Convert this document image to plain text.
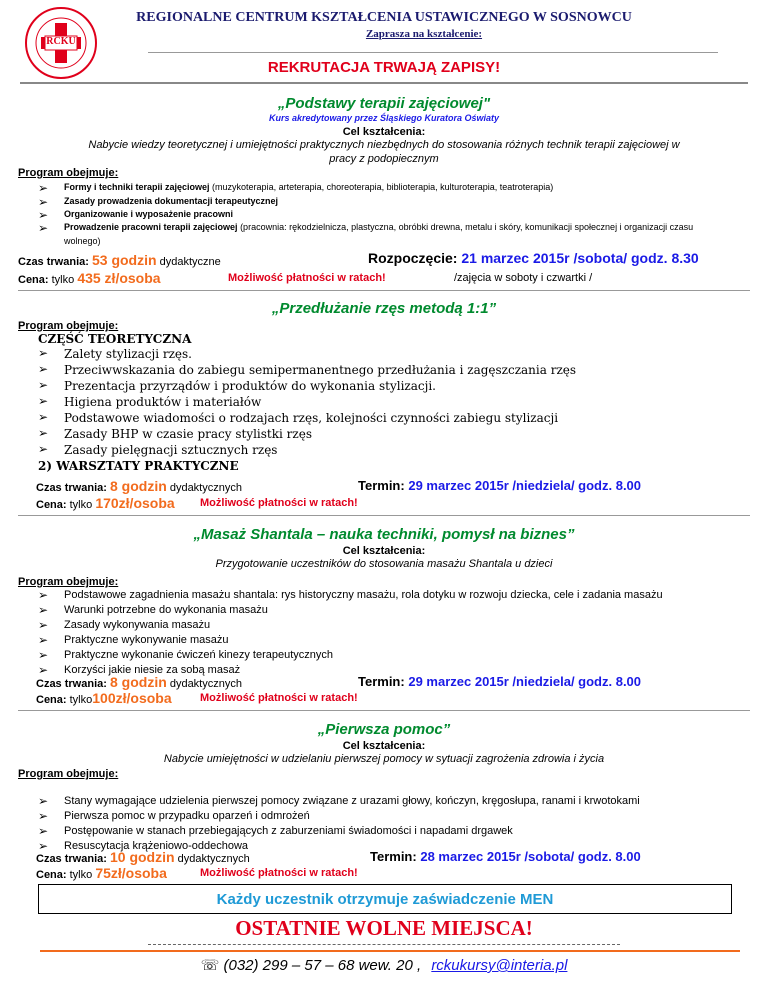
RCKU
REGIONALNE CENTRUM KSZTAŁCENIA USTAWICZNEGO W SOSNOWCU
Zaprasza na kształcenie:
REKRUTACJA TRWAJĄ ZAPISY!
„Podstawy terapii zajęciowej"
Kurs akredytowany przez Śląskiego Kuratora Oświaty
Cel kształcenia:
Nabycie wiedzy teoretycznej i umiejętności praktycznych niezbędnych do stosowania różnych technik terapii zajęciowej w
pracy z podopiecznym
Program obejmuje:
➢ Formy i techniki terapii zajęciowej (muzykoterapia, arteterapia, choreoterapia, biblioterapia, kulturoterapia, teatroterapia)
➢ Zasady prowadzenia dokumentacji terapeutycznej
➢ Organizowanie i wyposażenie pracowni
➢ Prowadzenie pracowni terapii zajęciowej (pracownia: rękodzielnicza, plastyczna, obróbki drewna, metalu i skóry, komunikacji społecznej i organizacji czasu
wolnego)
Czas trwania: 53 godzin dydaktyczne	Rozpoczęcie: 21 marzec 2015r /sobota/ godz. 8.30
Cena: tylko 435 zł/osoba	Możliwość płatności w ratach!	/zajęcia w soboty i czwartki /
„Przedłużanie rzęs metodą 1:1”
Program obejmuje:
CZĘŚĆ TEORETYCZNA
➢ Zalety stylizacji rzęs.
➢ Przeciwwskazania do zabiegu semipermanentnego przedłużania i zagęszczania rzęs
➢ Prezentacja przyrządów i produktów do wykonania stylizacji.
➢ Higiena produktów i materiałów
➢ Podstawowe wiadomości o rodzajach rzęs, kolejności czynności zabiegu stylizacji
➢ Zasady BHP w czasie pracy stylistki rzęs
➢ Zasady pielęgnacji sztucznych rzęs
2) WARSZTATY PRAKTYCZNE
Czas trwania: 8 godzin dydaktycznych	Termin: 29 marzec 2015r /niedziela/ godz. 8.00
Cena: tylko 170zł/osoba Możliwość płatności w ratach!
„Masaż Shantala – nauka techniki, pomysł na biznes”
Cel kształcenia:
Przygotowanie uczestników do stosowania masażu Shantala u dzieci
Program obejmuje:
➢ Podstawowe zagadnienia masażu shantala: rys historyczny masażu, rola dotyku w rozwoju dziecka, cele i zadania masażu
➢ Warunki potrzebne do wykonania masażu
➢ Zasady wykonywania masażu
➢ Praktyczne wykonywanie masażu
➢ Praktyczne wykonanie ćwiczeń kinezy terapeutycznych
➢ Korzyści jakie niesie za sobą masaż
Czas trwania: 8 godzin dydaktycznych	Termin: 29 marzec 2015r /niedziela/ godz. 8.00
Cena: tylko100zł/osoba	Możliwość płatności w ratach!
„Pierwsza pomoc”
Cel kształcenia:
Nabycie umiejętności w udzielaniu pierwszej pomocy w sytuacji zagrożenia zdrowia i życia
Program obejmuje:
➢ Stany wymagające udzielenia pierwszej pomocy związane z urazami głowy, kończyn, kręgosłupa, ranami i krwotokami
➢ Pierwsza pomoc w przypadku oparzeń i odmrożeń
➢ Postępowanie w stanach przebiegających z zaburzeniami świadomości i napadami drgawek
➢ Resuscytacja krążeniowo-oddechowa
Czas trwania: 10 godzin dydaktycznych	Termin: 28 marzec 2015r /sobota/ godz. 8.00
Cena: tylko 75zł/osoba	Możliwość płatności w ratach!
Każdy uczestnik otrzymuje zaświadczenie MEN
OSTATNIE WOLNE MIEJSCA!
☏ (032) 299 – 57 – 68 wew. 20 , rckukursy@interia.pl
